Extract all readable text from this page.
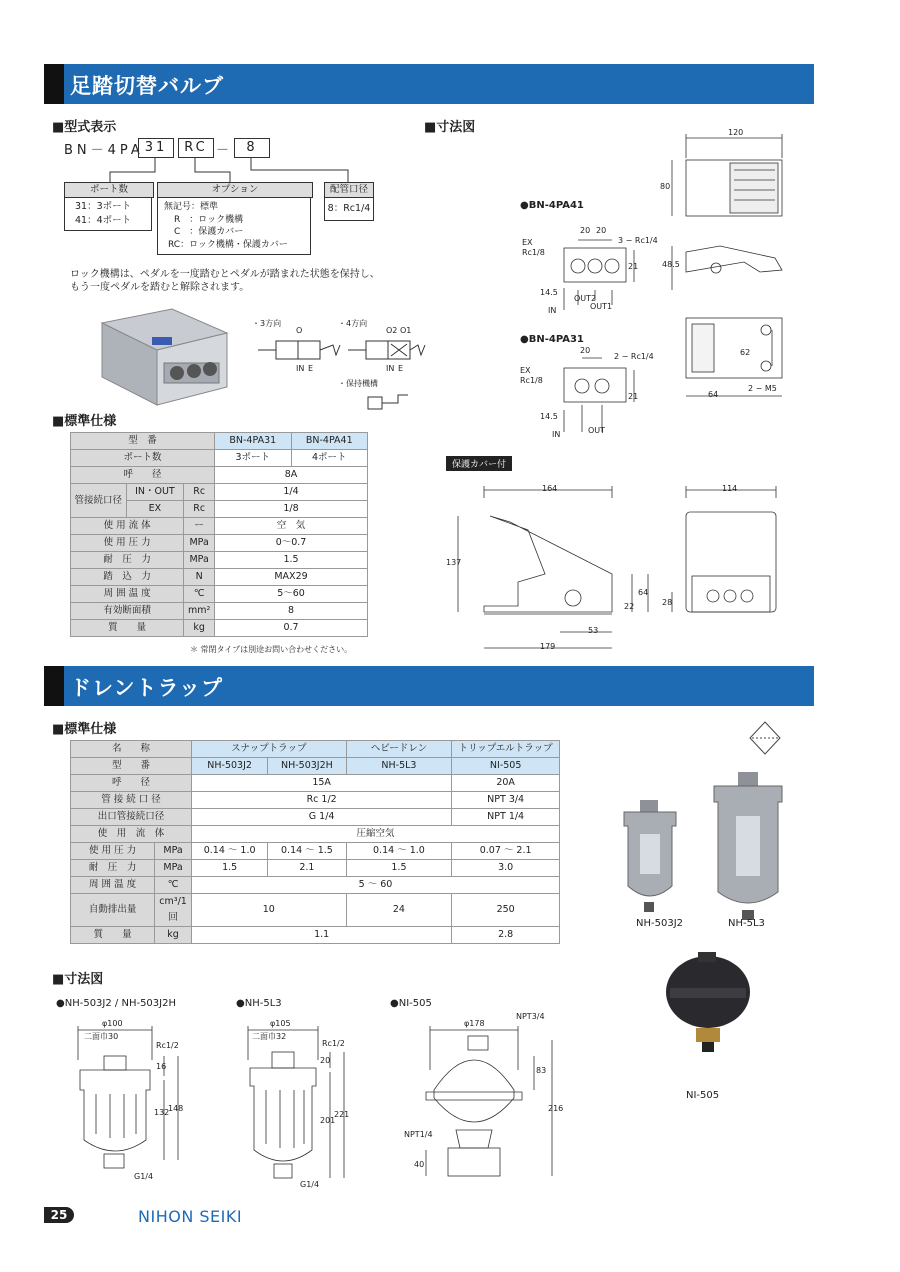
足踏切替バルブ
■型式表示
BN－4PA 31	RC －	8
ポート数
31：3ポート
41：4ポート
オプション
無記号：標準
R　：ロック機構
C　：保護カバー
RC：ロック機構・保護カバー
配管口径
8：Rc1/4
ロック機構は、ペダルを一度踏むとペダルが踏まれた状態を保持し、
もう一度ペダルを踏むと解除されます。
・3方向	・4方向
O	O2 O1
IN E	IN E
・保持機構
■標準仕様
型　番			BN-4PA31	BN-4PA41
ポート数			3ポート	4ポート
呼　　径			8A	
管接続口径	IN・OUT	Rc	1/4	
	EX	Rc	1/8	
使 用 流 体		ー	空　気	
使 用 圧 力		MPa	0〜0.7	
耐　圧　力		MPa	1.5	
踏　込　力		N	MAX29	
周 囲 温 度		℃	5〜60	
有効断面積		mm²	8	
質　　量		kg	0.7	
＊ 常閉タイプは別途お問い合わせください。
■寸法図
●BN-4PA41
●BN-4PA31
保護カバー付
120
80
20 20
3 − Rc1/4
EX
Rc1/8
21
14.5
IN
OUT2
OUT1
48.5
62
64
2 − M5
20
2 − Rc1/4
EX
Rc1/8
21
14.5
IN	OUT
164	114
137
64
22	28
53
179
ドレントラップ
■標準仕様
名　　称		スナップトラップ		ヘビードレン	トリップエルトラップ
型　　番		NH-503J2	NH-503J2H	NH-5L3	NI-505
呼　　径		15A			20A
管 接 続 口 径		Rc 1/2			NPT 3/4
出口管接続口径		G 1/4			NPT 1/4
使　用　流　体		圧縮空気			
使 用 圧 力	MPa	0.14 〜 1.0	0.14 〜 1.5	0.14 〜 1.0	0.07 〜 2.1
耐　圧　力	MPa	1.5	2.1	1.5	3.0
周 囲 温 度	℃	5 〜 60			
自動排出量	cm³/1回	10		24	250
質　　量	kg	1.1			2.8
NH-503J2	NH-5L3
NI-505
■寸法図
●NH-503J2 / NH-503J2H	●NH-5L3	●NI-505
φ100
二面巾30
Rc1/2
16
132
148
G1/4
φ105
二面巾32
Rc1/2
20
201
221
G1/4
φ178
NPT3/4
83
216
NPT1/4
40
25	NIHON SEIKI
